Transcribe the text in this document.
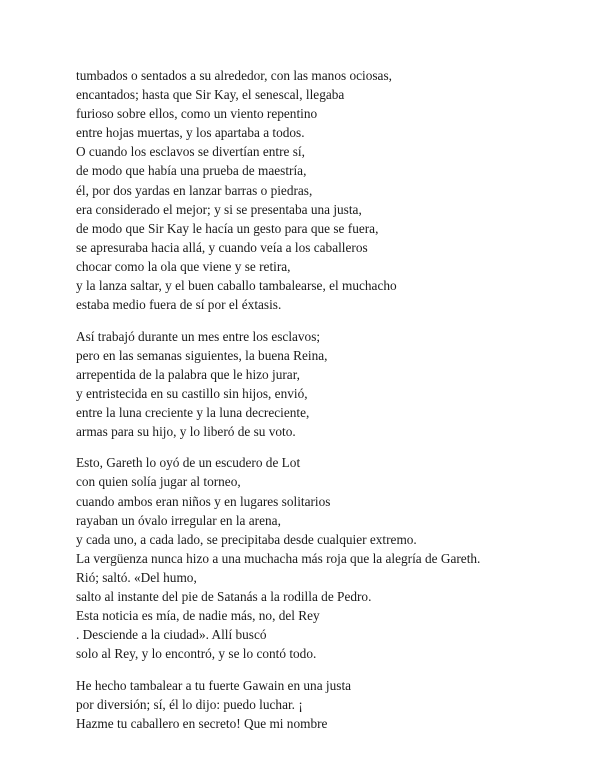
tumbados o sentados a su alrededor, con las manos ociosas,
encantados; hasta que Sir Kay, el senescal, llegaba
furioso sobre ellos, como un viento repentino
entre hojas muertas, y los apartaba a todos.
O cuando los esclavos se divertían entre sí,
de modo que había una prueba de maestría,
él, por dos yardas en lanzar barras o piedras,
era considerado el mejor; y si se presentaba una justa,
de modo que Sir Kay le hacía un gesto para que se fuera,
se apresuraba hacia allá, y cuando veía a los caballeros
chocar como la ola que viene y se retira,
y la lanza saltar, y el buen caballo tambalearse, el muchacho
estaba medio fuera de sí por el éxtasis.
Así trabajó durante un mes entre los esclavos;
pero en las semanas siguientes, la buena Reina,
arrepentida de la palabra que le hizo jurar,
y entristecida en su castillo sin hijos, envió,
entre la luna creciente y la luna decreciente,
armas para su hijo, y lo liberó de su voto.
Esto, Gareth lo oyó de un escudero de Lot
con quien solía jugar al torneo,
cuando ambos eran niños y en lugares solitarios
rayaban un óvalo irregular en la arena,
y cada uno, a cada lado, se precipitaba desde cualquier extremo.
La vergüenza nunca hizo a una muchacha más roja que la alegría de Gareth.
Rió; saltó. «Del humo,
salto al instante del pie de Satanás a la rodilla de Pedro.
Esta noticia es mía, de nadie más, no, del Rey
. Desciende a la ciudad». Allí buscó
solo al Rey, y lo encontró, y se lo contó todo.
He hecho tambalear a tu fuerte Gawain en una justa
por diversión; sí, él lo dijo: puedo luchar. ¡
Hazme tu caballero en secreto! Que mi nombre
